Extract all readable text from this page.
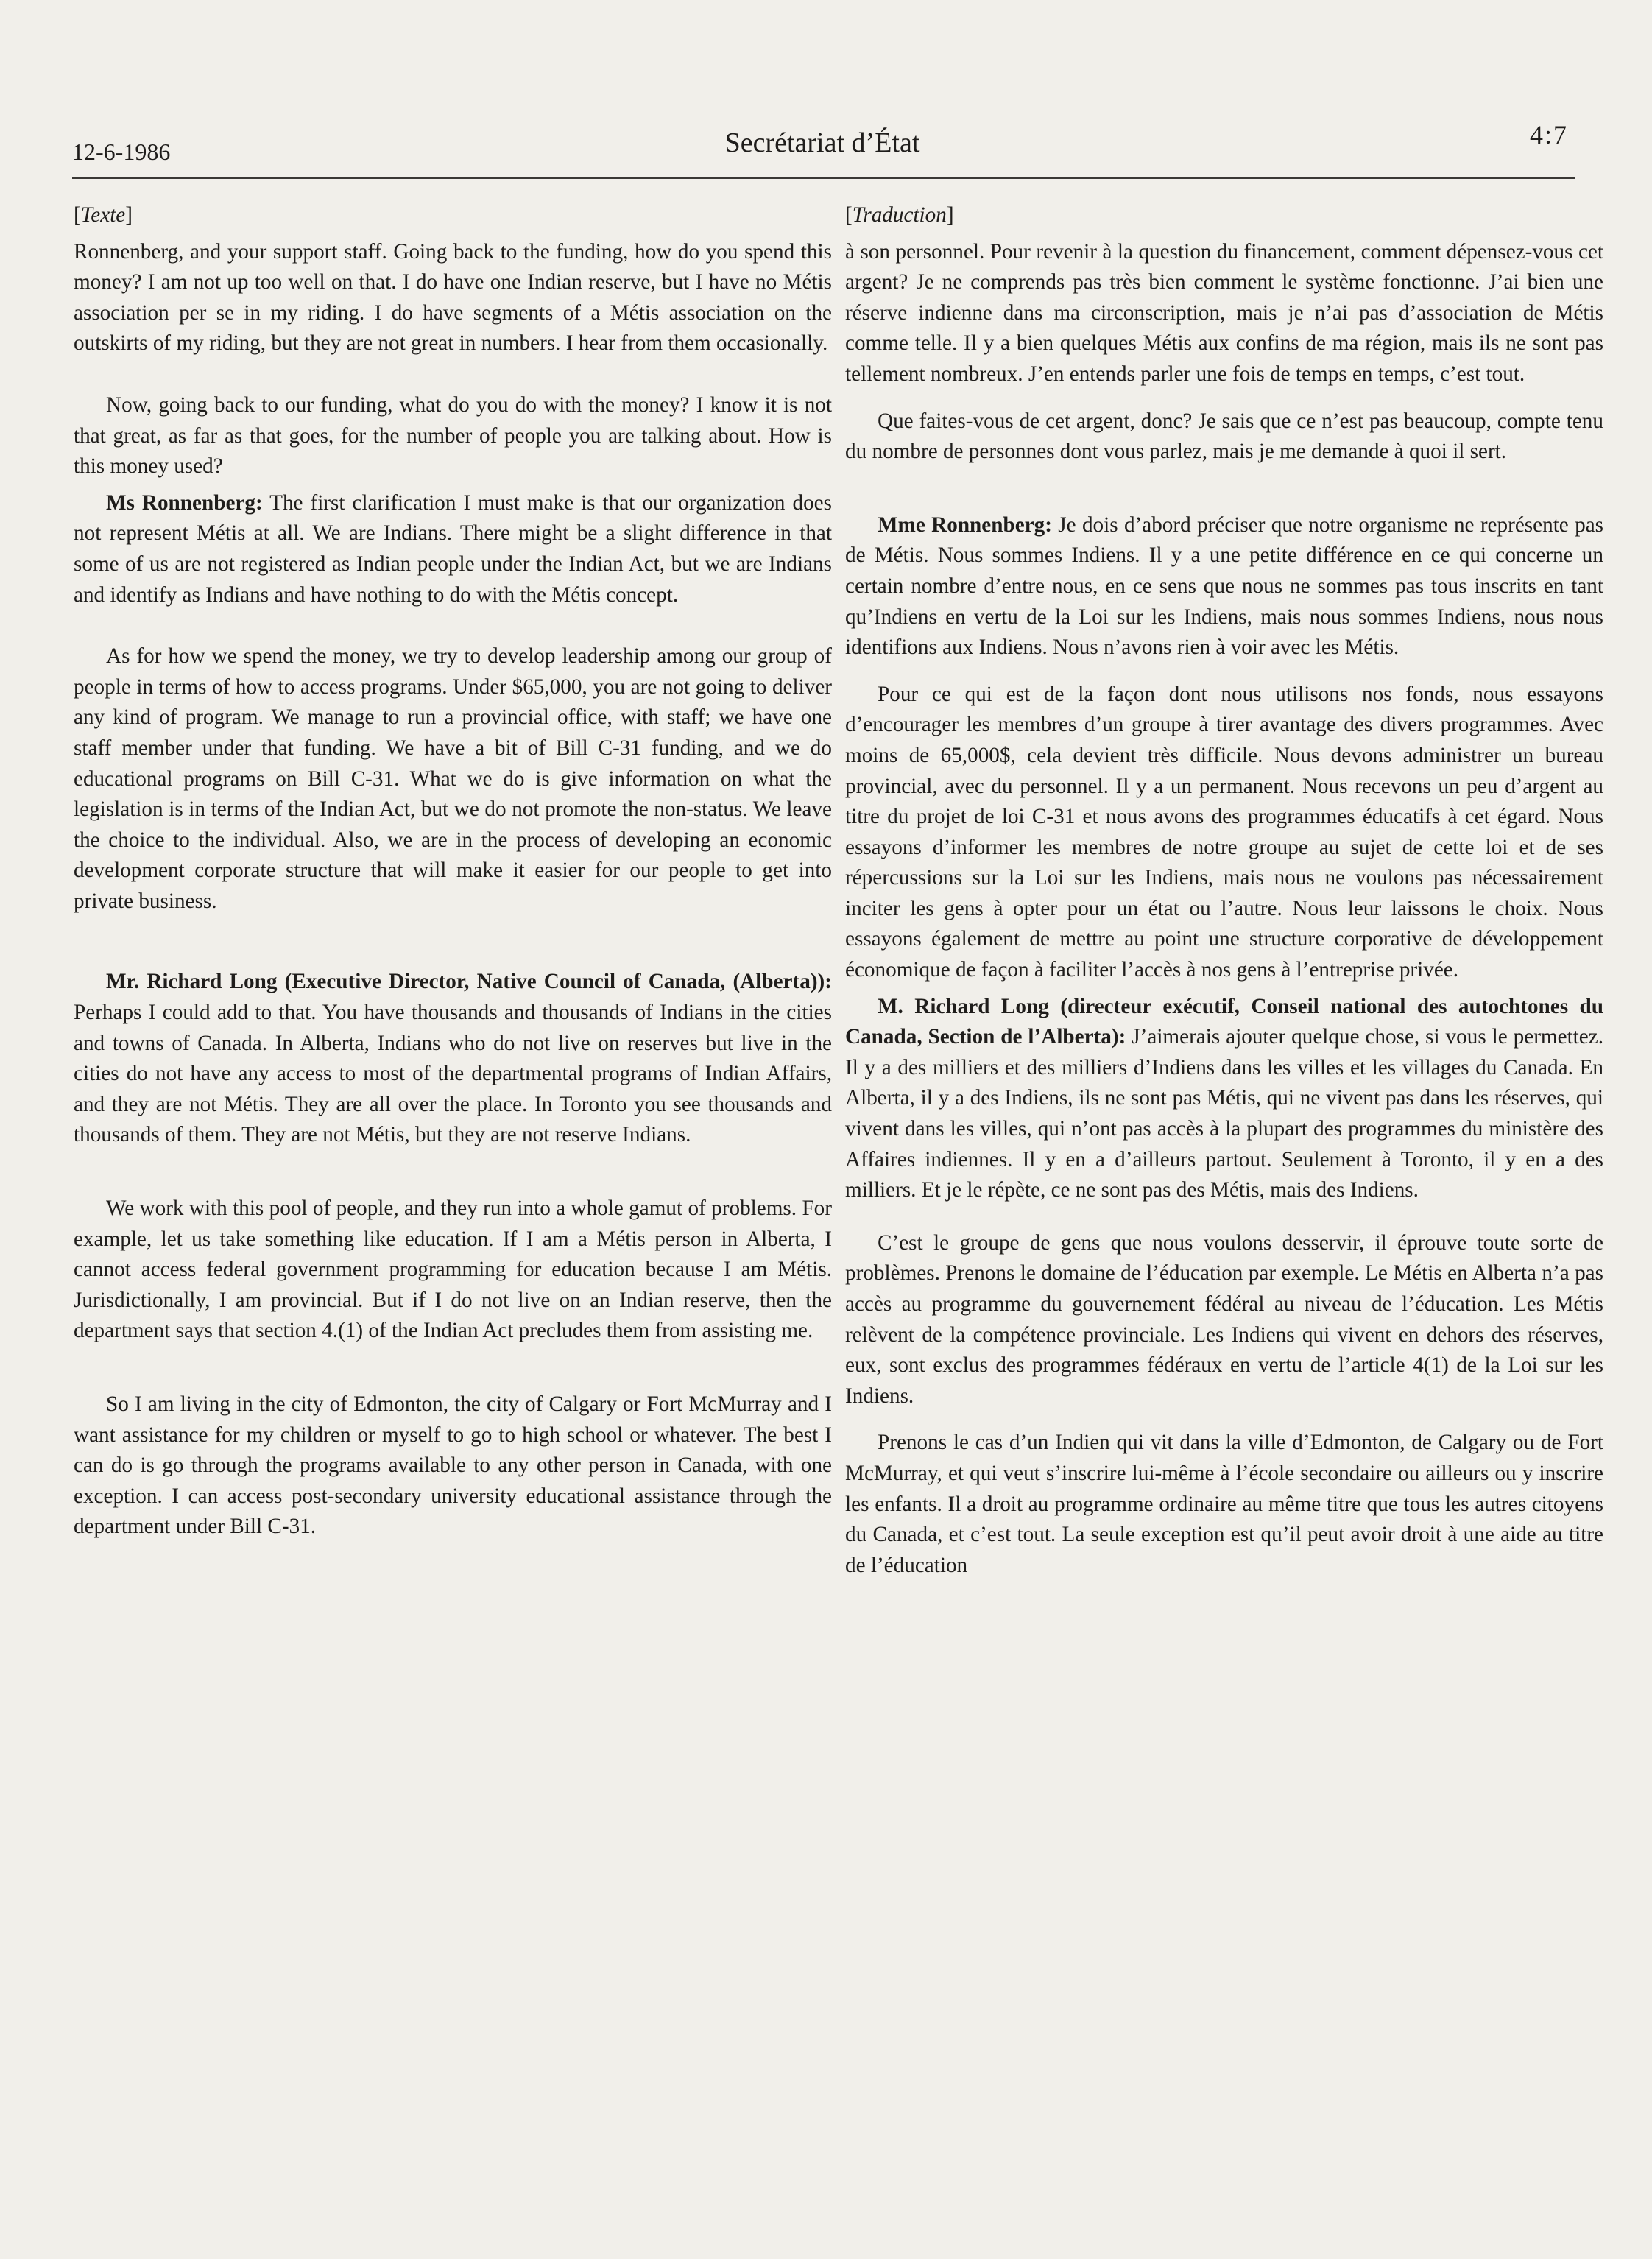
12-6-1986	Secrétariat d’État	4:7
[Texte]

Ronnenberg, and your support staff. Going back to the funding, how do you spend this money? I am not up too well on that. I do have one Indian reserve, but I have no Métis association per se in my riding. I do have segments of a Métis association on the outskirts of my riding, but they are not great in numbers. I hear from them occasionally.

Now, going back to our funding, what do you do with the money? I know it is not that great, as far as that goes, for the number of people you are talking about. How is this money used?

Ms Ronnenberg: The first clarification I must make is that our organization does not represent Métis at all. We are Indians. There might be a slight difference in that some of us are not registered as Indian people under the Indian Act, but we are Indians and identify as Indians and have nothing to do with the Métis concept.

As for how we spend the money, we try to develop leadership among our group of people in terms of how to access programs. Under $65,000, you are not going to deliver any kind of program. We manage to run a provincial office, with staff; we have one staff member under that funding. We have a bit of Bill C-31 funding, and we do educational programs on Bill C-31. What we do is give information on what the legislation is in terms of the Indian Act, but we do not promote the non-status. We leave the choice to the individual. Also, we are in the process of developing an economic development corporate structure that will make it easier for our people to get into private business.

Mr. Richard Long (Executive Director, Native Council of Canada, (Alberta)): Perhaps I could add to that. You have thousands and thousands of Indians in the cities and towns of Canada. In Alberta, Indians who do not live on reserves but live in the cities do not have any access to most of the departmental programs of Indian Affairs, and they are not Métis. They are all over the place. In Toronto you see thousands and thousands of them. They are not Métis, but they are not reserve Indians.

We work with this pool of people, and they run into a whole gamut of problems. For example, let us take something like education. If I am a Métis person in Alberta, I cannot access federal government programming for education because I am Métis. Jurisdictionally, I am provincial. But if I do not live on an Indian reserve, then the department says that section 4.(1) of the Indian Act precludes them from assisting me.

So I am living in the city of Edmonton, the city of Calgary or Fort McMurray and I want assistance for my children or myself to go to high school or whatever. The best I can do is go through the programs available to any other person in Canada, with one exception. I can access post-secondary university educational assistance through the department under Bill C-31.

[Traduction]

à son personnel. Pour revenir à la question du financement, comment dépensez-vous cet argent? Je ne comprends pas très bien comment le système fonctionne. J’ai bien une réserve indienne dans ma circonscription, mais je n’ai pas d’association de Métis comme telle. Il y a bien quelques Métis aux confins de ma région, mais ils ne sont pas tellement nombreux. J’en entends parler une fois de temps en temps, c’est tout.

Que faites-vous de cet argent, donc? Je sais que ce n’est pas beaucoup, compte tenu du nombre de personnes dont vous parlez, mais je me demande à quoi il sert.

Mme Ronnenberg: Je dois d’abord préciser que notre organisme ne représente pas de Métis. Nous sommes Indiens. Il y a une petite différence en ce qui concerne un certain nombre d’entre nous, en ce sens que nous ne sommes pas tous inscrits en tant qu’Indiens en vertu de la Loi sur les Indiens, mais nous sommes Indiens, nous nous identifions aux Indiens. Nous n’avons rien à voir avec les Métis.

Pour ce qui est de la façon dont nous utilisons nos fonds, nous essayons d’encourager les membres d’un groupe à tirer avantage des divers programmes. Avec moins de 65,000$, cela devient très difficile. Nous devons administrer un bureau provincial, avec du personnel. Il y a un permanent. Nous recevons un peu d’argent au titre du projet de loi C-31 et nous avons des programmes éducatifs à cet égard. Nous essayons d’informer les membres de notre groupe au sujet de cette loi et de ses répercussions sur la Loi sur les Indiens, mais nous ne voulons pas nécessairement inciter les gens à opter pour un état ou l’autre. Nous leur laissons le choix. Nous essayons également de mettre au point une structure corporative de développement économique de façon à faciliter l’accès à nos gens à l’entreprise privée.

M. Richard Long (directeur exécutif, Conseil national des autochtones du Canada, Section de l’Alberta): J’aimerais ajouter quelque chose, si vous le permettez. Il y a des milliers et des milliers d’Indiens dans les villes et les villages du Canada. En Alberta, il y a des Indiens, ils ne sont pas Métis, qui ne vivent pas dans les réserves, qui vivent dans les villes, qui n’ont pas accès à la plupart des programmes du ministère des Affaires indiennes. Il y en a d’ailleurs partout. Seulement à Toronto, il y en a des milliers. Et je le répète, ce ne sont pas des Métis, mais des Indiens.

C’est le groupe de gens que nous voulons desservir, il éprouve toute sorte de problèmes. Prenons le domaine de l’éducation par exemple. Le Métis en Alberta n’a pas accès au programme du gouvernement fédéral au niveau de l’éducation. Les Métis relèvent de la compétence provinciale. Les Indiens qui vivent en dehors des réserves, eux, sont exclus des programmes fédéraux en vertu de l’article 4(1) de la Loi sur les Indiens.

Prenons le cas d’un Indien qui vit dans la ville d’Edmonton, de Calgary ou de Fort McMurray, et qui veut s’inscrire lui-même à l’école secondaire ou ailleurs ou y inscrire les enfants. Il a droit au programme ordinaire au même titre que tous les autres citoyens du Canada, et c’est tout. La seule exception est qu’il peut avoir droit à une aide au titre de l’éducation
